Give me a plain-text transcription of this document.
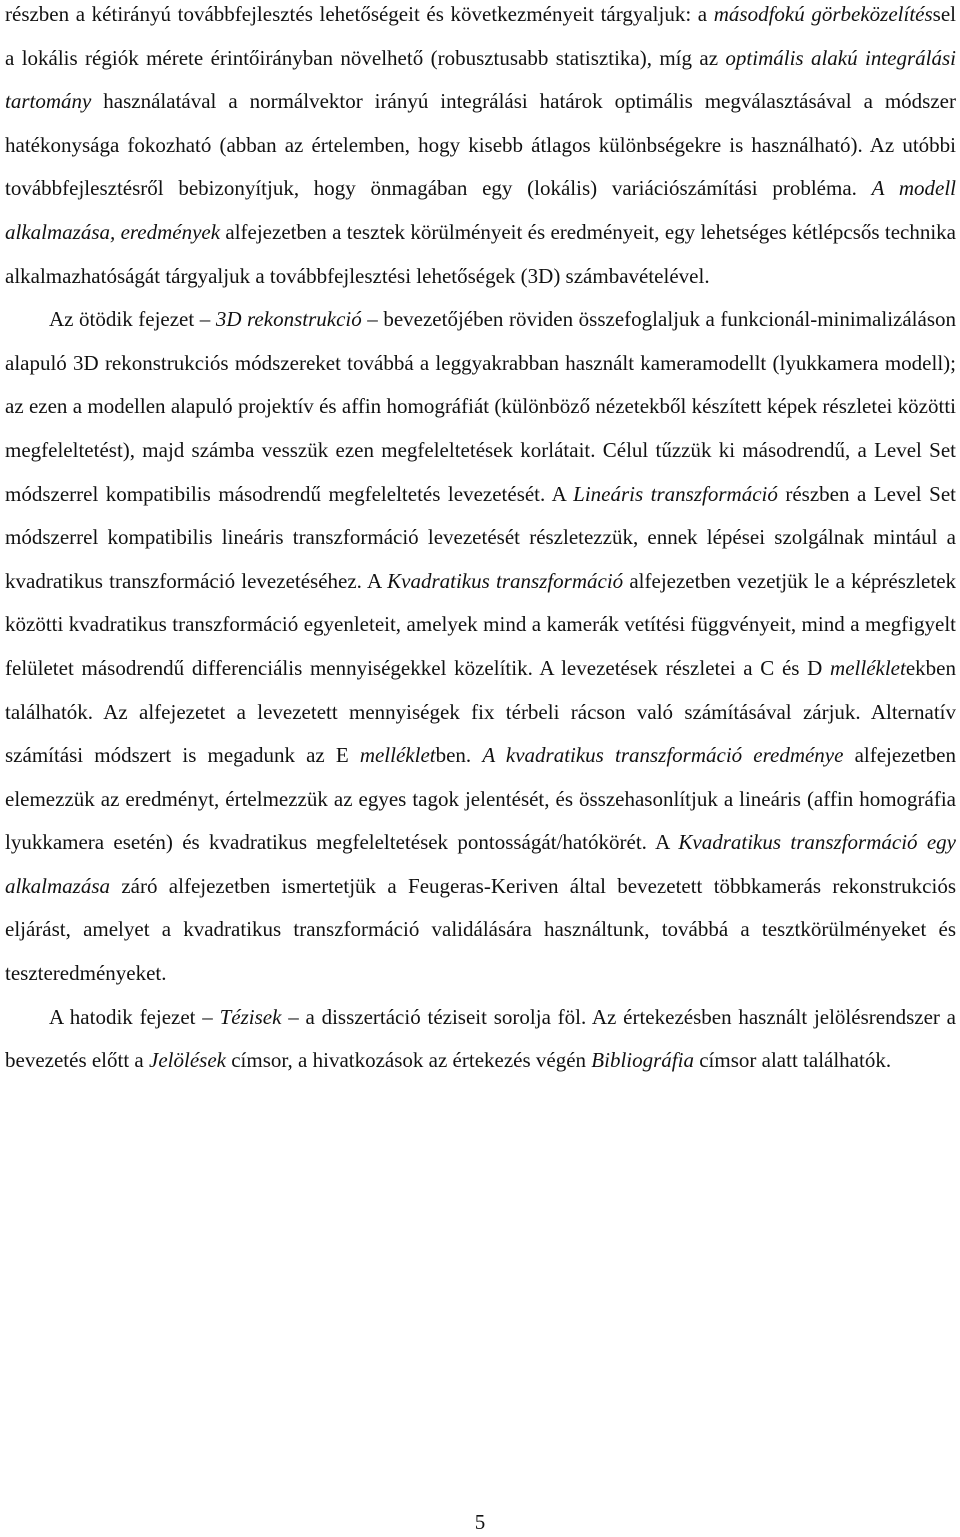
részben a kétirányú továbbfejlesztés lehetőségeit és következményeit tárgyaljuk: a másodfokú görbeközelítéssel a lokális régiók mérete érintőirányban növelhető (robusztusabb statisztika), míg az optimális alakú integrálási tartomány használatával a normálvektor irányú integrálási határok optimális megválasztásával a módszer hatékonysága fokozható (abban az értelemben, hogy kisebb átlagos különbségekre is használható). Az utóbbi továbbfejlesztésről bebizonyítjuk, hogy önmagában egy (lokális) variációszámítási probléma. A modell alkalmazása, eredmények alfejezetben a tesztek körülményeit és eredményeit, egy lehetséges kétlépcsős technika alkalmazhatóságát tárgyaljuk a továbbfejlesztési lehetőségek (3D) számbavételével.

Az ötödik fejezet – 3D rekonstrukció – bevezetőjében röviden összefoglaljuk a funkcionál-minimalizáláson alapuló 3D rekonstrukciós módszereket továbbá a leggyakrabban használt kameramodellt (lyukkamera modell); az ezen a modellen alapuló projektív és affin homográfiát (különböző nézetekből készített képek részletei közötti megfeleltetést), majd számba vesszük ezen megfeleltetések korlátait. Célul tűzzük ki másodrendű, a Level Set módszerrel kompatibilis másodrendű megfeleltetés levezetését. A Lineáris transzformáció részben a Level Set módszerrel kompatibilis lineáris transzformáció levezetését részletezzük, ennek lépései szolgálnak mintául a kvadratikus transzformáció levezetéséhez. A Kvadratikus transzformáció alfejezetben vezetjük le a képrészletek közötti kvadratikus transzformáció egyenleteit, amelyek mind a kamerák vetítési függvényeit, mind a megfigyelt felületet másodrendű differenciális mennyiségekkel közelítik. A levezetések részletei a C és D mellékletekben találhatók. Az alfejezetet a levezetett mennyiségek fix térbeli rácson való számításával zárjuk. Alternatív számítási módszert is megadunk az E mellékletben. A kvadratikus transzformáció eredménye alfejezetben elemezzük az eredményt, értelmezzük az egyes tagok jelentését, és összehasonlítjuk a lineáris (affin homográfia lyukkamera esetén) és kvadratikus megfeleltetések pontosságát/hatókörét. A Kvadratikus transzformáció egy alkalmazása záró alfejezetben ismertetjük a Feugeras-Keriven által bevezetett többkamerás rekonstrukciós eljárást, amelyet a kvadratikus transzformáció validálására használtunk, továbbá a tesztkörülményeket és teszteredményeket.

A hatodik fejezet – Tézisek – a disszertáció téziseit sorolja föl. Az értekezésben használt jelölésrendszer a bevezetés előtt a Jelölések címsor, a hivatkozások az értekezés végén Bibliográfia címsor alatt találhatók.

5
